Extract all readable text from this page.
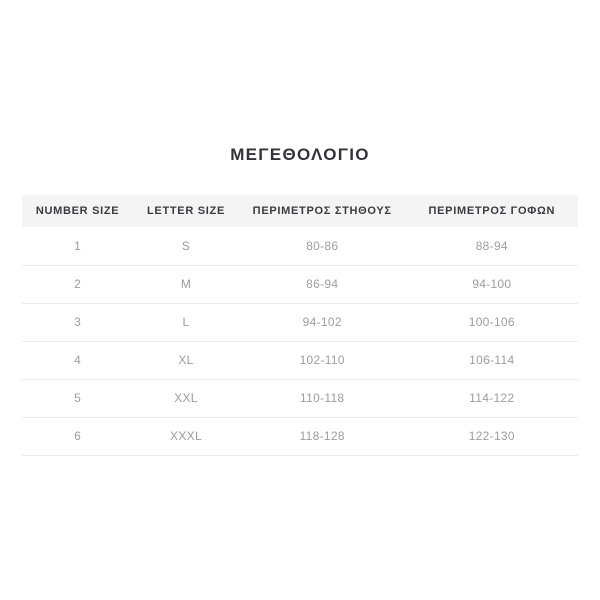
ΜΕΓΕΘΟΛΟΓΙΟ
NUMBER SIZE	LETTER SIZE	ΠΕΡΙΜΕΤΡΟΣ ΣΤΗΘΟΥΣ	ΠΕΡΙΜΕΤΡΟΣ ΓΟΦΩΝ
1	S	80-86	88-94
2	M	86-94	94-100
3	L	94-102	100-106
4	XL	102-110	106-114
5	XXL	110-118	114-122
6	XXXL	118-128	122-130
